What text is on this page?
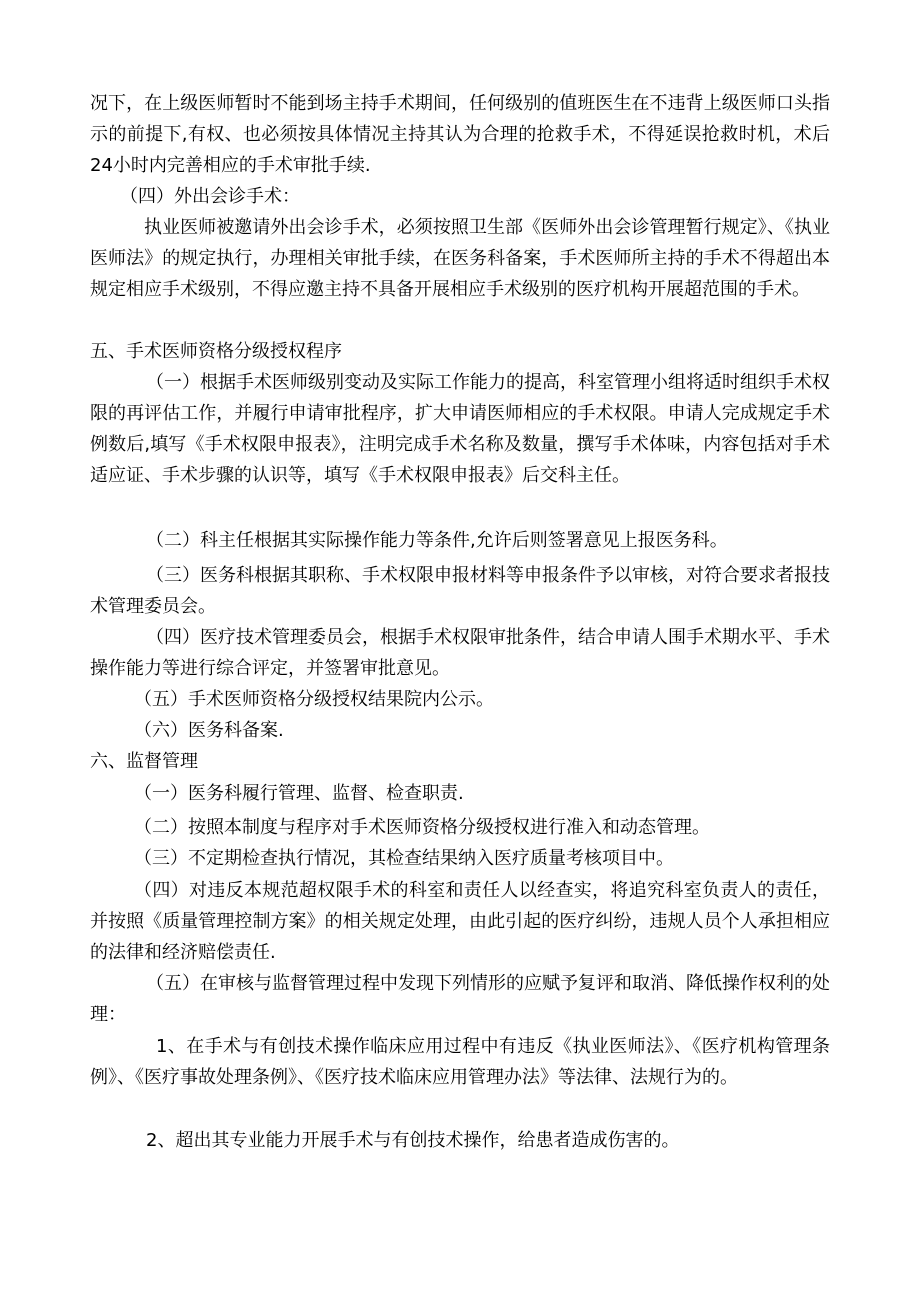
况下，在上级医师暂时不能到场主持手术期间，任何级别的值班医生在不违背上级医师口头指示的前提下,有权、也必须按具体情况主持其认为合理的抢救手术，不得延误抢救时机，术后24小时内完善相应的手术审批手续.
（四）外出会诊手术：
执业医师被邀请外出会诊手术，必须按照卫生部《医师外出会诊管理暂行规定》、《执业医师法》的规定执行，办理相关审批手续，在医务科备案，手术医师所主持的手术不得超出本规定相应手术级别，不得应邀主持不具备开展相应手术级别的医疗机构开展超范围的手术。
五、手术医师资格分级授权程序
（一）根据手术医师级别变动及实际工作能力的提高，科室管理小组将适时组织手术权限的再评估工作，并履行申请审批程序，扩大申请医师相应的手术权限。申请人完成规定手术例数后,填写《手术权限申报表》，注明完成手术名称及数量，撰写手术体味，内容包括对手术适应证、手术步骤的认识等，填写《手术权限申报表》后交科主任。
（二）科主任根据其实际操作能力等条件,允许后则签署意见上报医务科。
（三）医务科根据其职称、手术权限申报材料等申报条件予以审核，对符合要求者报技术管理委员会。
（四）医疗技术管理委员会，根据手术权限审批条件，结合申请人围手术期水平、手术操作能力等进行综合评定，并签署审批意见。
（五）手术医师资格分级授权结果院内公示。
（六）医务科备案.
六、监督管理
（一）医务科履行管理、监督、检查职责.
（二）按照本制度与程序对手术医师资格分级授权进行准入和动态管理。
（三）不定期检查执行情况，其检查结果纳入医疗质量考核项目中。
（四）对违反本规范超权限手术的科室和责任人以经查实，将追究科室负责人的责任，并按照《质量管理控制方案》的相关规定处理，由此引起的医疗纠纷，违规人员个人承担相应的法律和经济赔偿责任.
（五）在审核与监督管理过程中发现下列情形的应赋予复评和取消、降低操作权利的处理：
1、在手术与有创技术操作临床应用过程中有违反《执业医师法》、《医疗机构管理条例》、《医疗事故处理条例》、《医疗技术临床应用管理办法》等法律、法规行为的。
2、超出其专业能力开展手术与有创技术操作，给患者造成伤害的。
